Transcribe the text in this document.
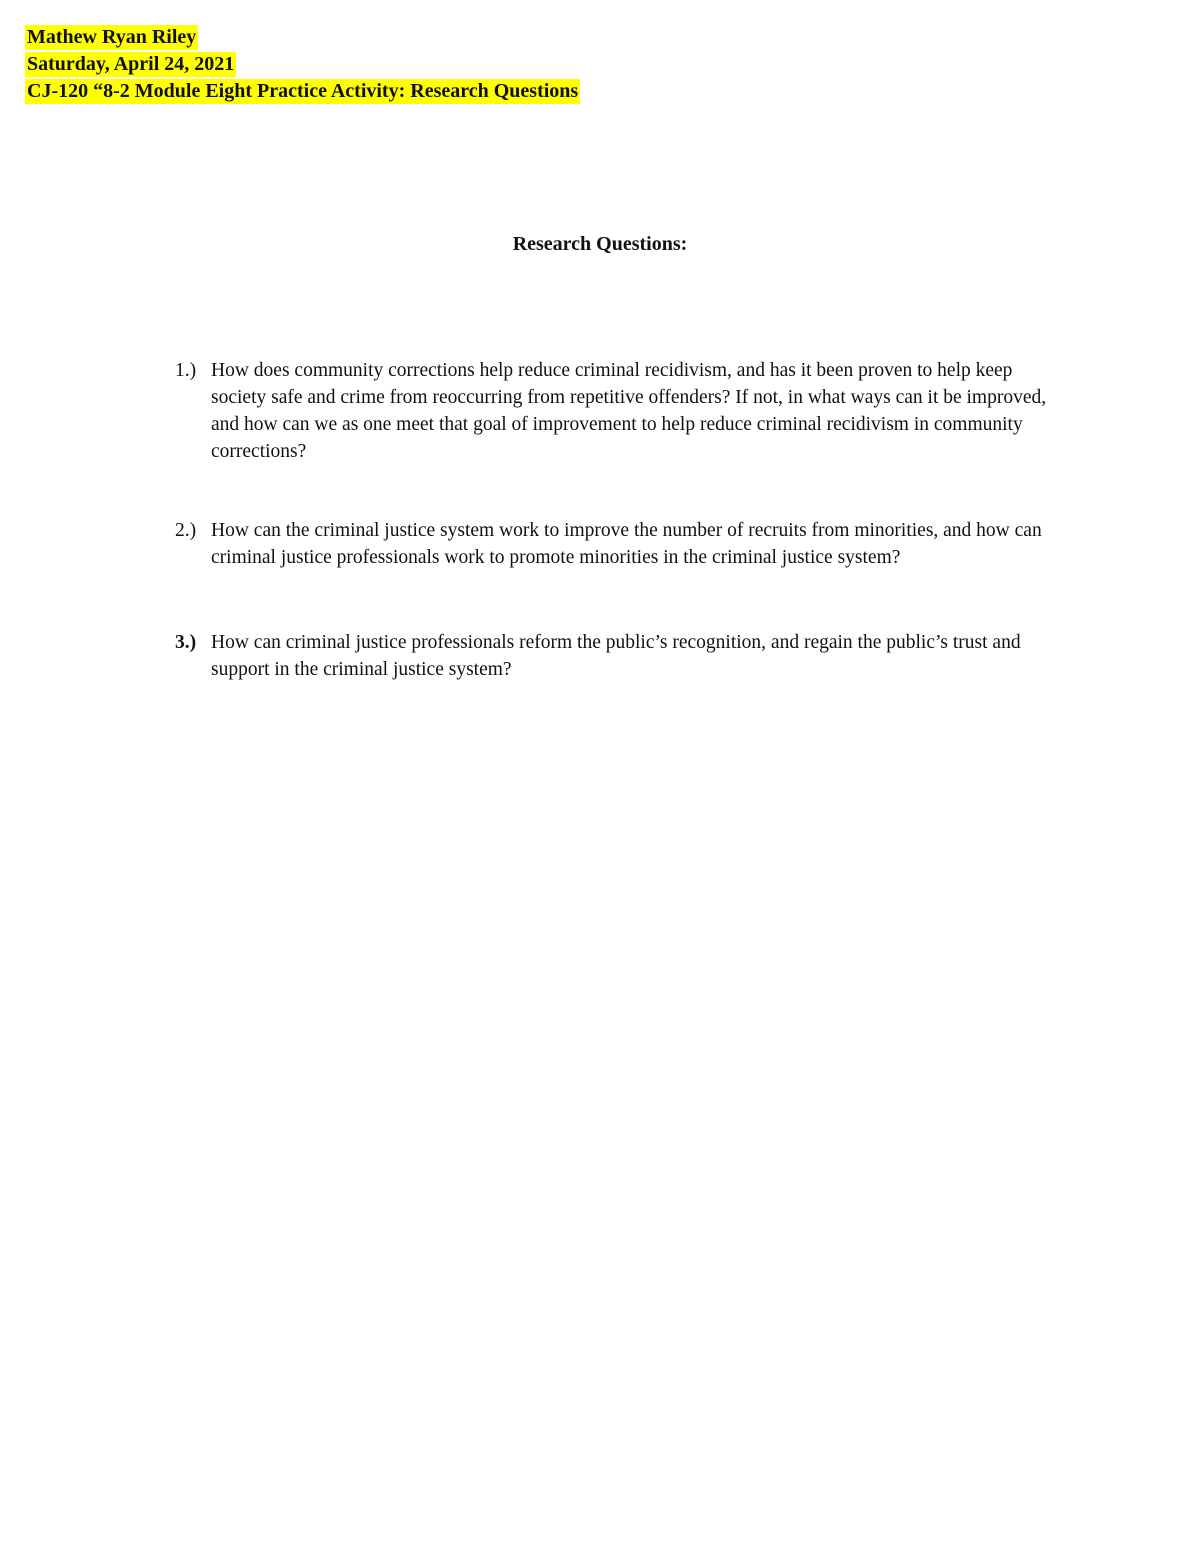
Mathew Ryan Riley
Saturday, April 24, 2021
CJ-120 “8-2 Module Eight Practice Activity: Research Questions
Research Questions:
1.) How does community corrections help reduce criminal recidivism, and has it been proven to help keep society safe and crime from reoccurring from repetitive offenders? If not, in what ways can it be improved, and how can we as one meet that goal of improvement to help reduce criminal recidivism in community corrections?
2.) How can the criminal justice system work to improve the number of recruits from minorities, and how can criminal justice professionals work to promote minorities in the criminal justice system?
3.) How can criminal justice professionals reform the public’s recognition, and regain the public’s trust and support in the criminal justice system?
